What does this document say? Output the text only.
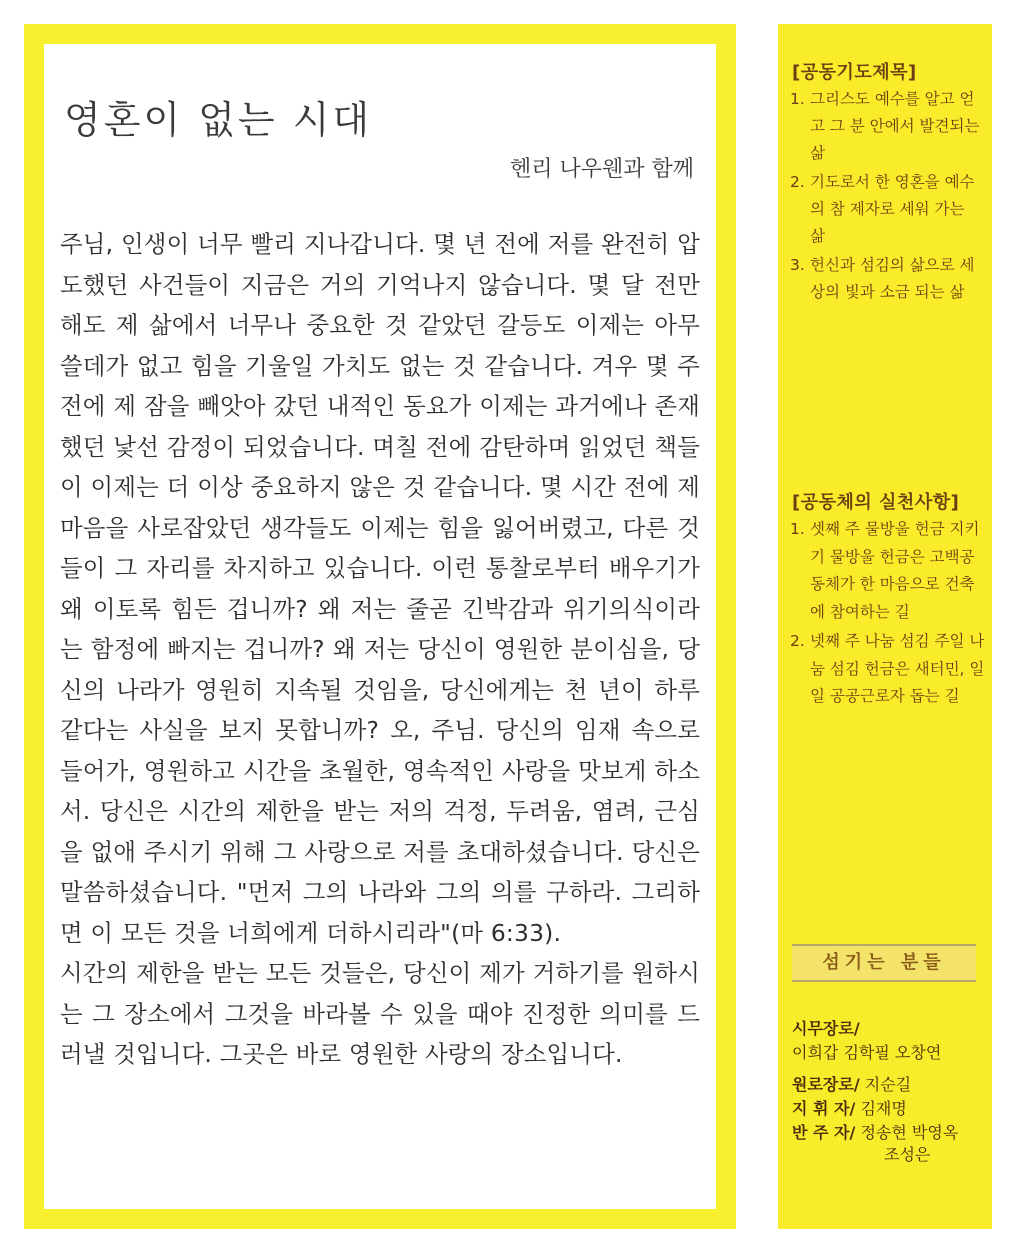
영혼이 없는 시대
헨리 나우웬과 함께

주님, 인생이 너무 빨리 지나갑니다. 몇 년 전에 저를 완전히 압도했던 사건들이 지금은 거의 기억나지 않습니다. 몇 달 전만 해도 제 삶에서 너무나 중요한 것 같았던 갈등도 이제는 아무 쓸데가 없고 힘을 기울일 가치도 없는 것 같습니다. 겨우 몇 주 전에 제 잠을 빼앗아 갔던 내적인 동요가 이제는 과거에나 존재했던 낯선 감정이 되었습니다. 며칠 전에 감탄하며 읽었던 책들이 이제는 더 이상 중요하지 않은 것 같습니다. 몇 시간 전에 제 마음을 사로잡았던 생각들도 이제는 힘을 잃어버렸고, 다른 것들이 그 자리를 차지하고 있습니다. 이런 통찰로부터 배우기가 왜 이토록 힘든 겁니까? 왜 저는 줄곧 긴박감과 위기의식이라는 함정에 빠지는 겁니까? 왜 저는 당신이 영원한 분이심을, 당신의 나라가 영원히 지속될 것임을, 당신에게는 천 년이 하루 같다는 사실을 보지 못합니까? 오, 주님. 당신의 임재 속으로 들어가, 영원하고 시간을 초월한, 영속적인 사랑을 맛보게 하소서. 당신은 시간의 제한을 받는 저의 걱정, 두려움, 염려, 근심을 없애 주시기 위해 그 사랑으로 저를 초대하셨습니다. 당신은 말씀하셨습니다. "먼저 그의 나라와 그의 의를 구하라. 그리하면 이 모든 것을 너희에게 더하시리라"(마 6:33).

시간의 제한을 받는 모든 것들은, 당신이 제가 거하기를 원하시는 그 장소에서 그것을 바라볼 수 있을 때야 진정한 의미를 드러낼 것입니다. 그곳은 바로 영원한 사랑의 장소입니다.

[공동기도제목]
1. 그리스도 예수를 알고 얻고 그 분 안에서 발견되는 삶
2. 기도로서 한 영혼을 예수의 참 제자로 세워 가는 삶
3. 헌신과 섬김의 삶으로 세상의 빛과 소금 되는 삶
[공동체의 실천사항]
1. 셋째 주 물방울 헌금 지키기 물방울 헌금은 고백공동체가 한 마음으로 건축에 참여하는 길
2. 넷째 주 나눔 섬김 주일 나눔 섬김 헌금은 새터민, 일 일 공공근로자 돕는 길
섬기는 분들
시무장로/
이희갑 김학필 오창연
원로장로/ 지순길
지 휘 자/ 김재명
반 주 자/ 정송현 박영옥
조성은
